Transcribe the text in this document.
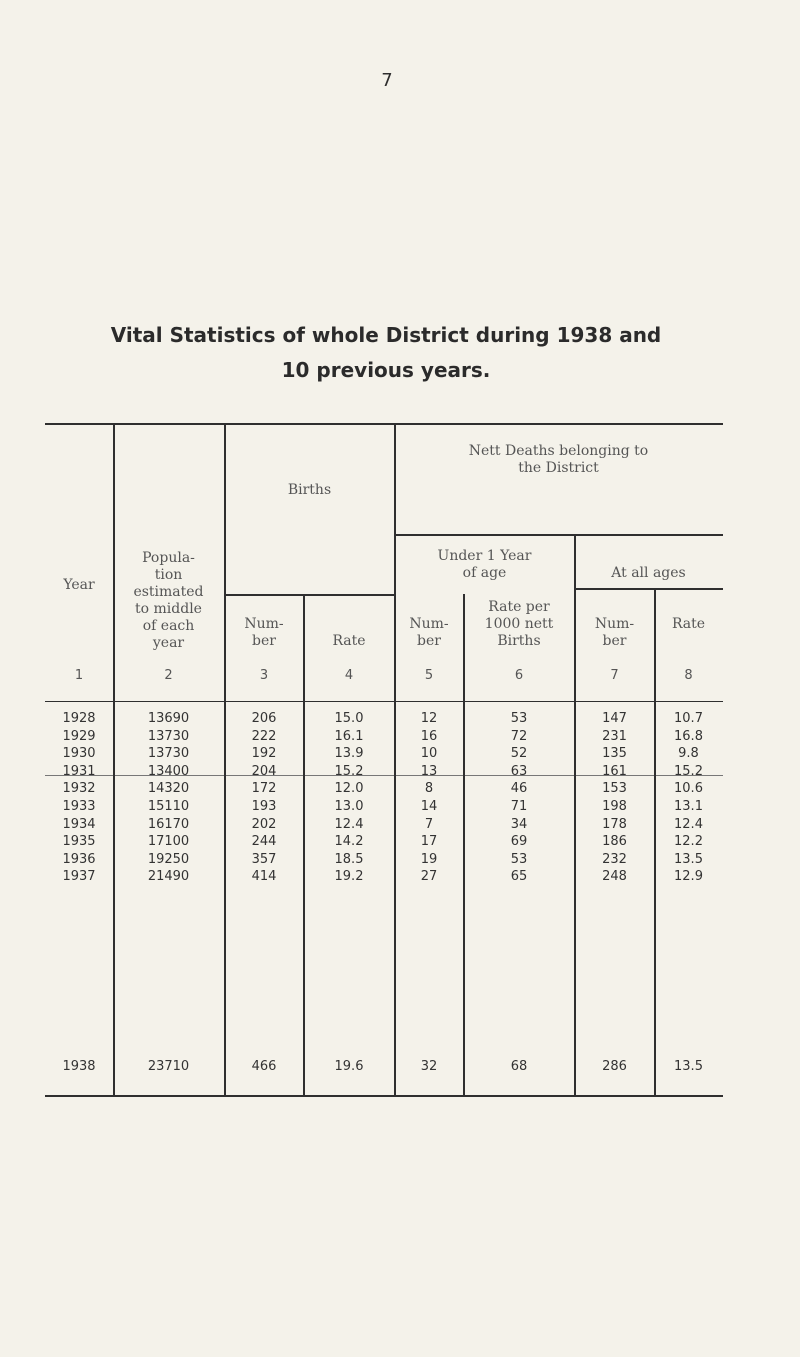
7
Vital Statistics of whole District during 1938 and
10 previous years.
Year
Popula-
tion
estimated
to middle
of each
year
Births
Num-
ber	Rate
Nett Deaths belonging to
the District
Under 1 Year
of age
Num-
ber
Rate per
1000 nett
Births
At all ages
Num-
ber
Rate
1	2	3	4	5	6	7	8
1928	13690	206	15.0	12	53	147	10.7
1929	13730	222	16.1	16	72	231	16.8
1930	13730	192	13.9	10	52	135	9.8
1931	13400	204	15.2	13	63	161	15.2
1932	14320	172	12.0	8	46	153	10.6
1933	15110	193	13.0	14	71	198	13.1
1934	16170	202	12.4	7	34	178	12.4
1935	17100	244	14.2	17	69	186	12.2
1936	19250	357	18.5	19	53	232	13.5
1937	21490	414	19.2	27	65	248	12.9
1938	23710	466	19.6	32	68	286	13.5
